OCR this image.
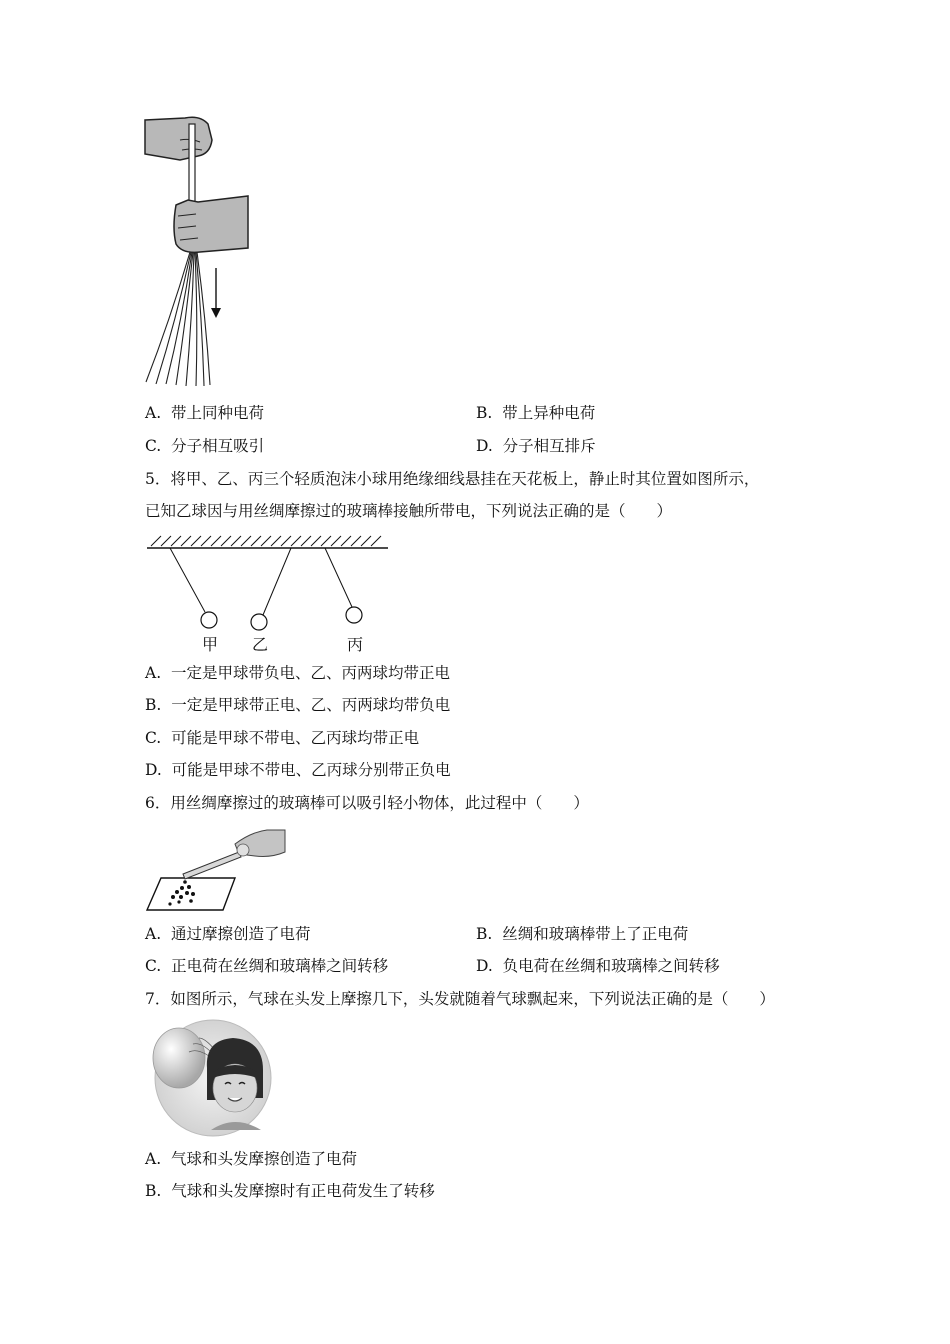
A. 带上同种电荷	B. 带上异种电荷
C. 分子相互吸引	D. 分子相互排斥
5．将甲、乙、丙三个轻质泡沫小球用绝缘细线悬挂在天花板上，静止时其位置如图所示，
已知乙球因与用丝绸摩擦过的玻璃棒接触所带电，下列说法正确的是（　　）
甲 乙	丙
A. 一定是甲球带负电、乙、丙两球均带正电
B. 一定是甲球带正电、乙、丙两球均带负电
C. 可能是甲球不带电、乙丙球均带正电
D. 可能是甲球不带电、乙丙球分别带正负电
6．用丝绸摩擦过的玻璃棒可以吸引轻小物体，此过程中（　　）
A. 通过摩擦创造了电荷	B. 丝绸和玻璃棒带上了正电荷
C. 正电荷在丝绸和玻璃棒之间转移	D. 负电荷在丝绸和玻璃棒之间转移
7．如图所示，气球在头发上摩擦几下，头发就随着气球飘起来，下列说法正确的是（　　）
A. 气球和头发摩擦创造了电荷
B. 气球和头发摩擦时有正电荷发生了转移
